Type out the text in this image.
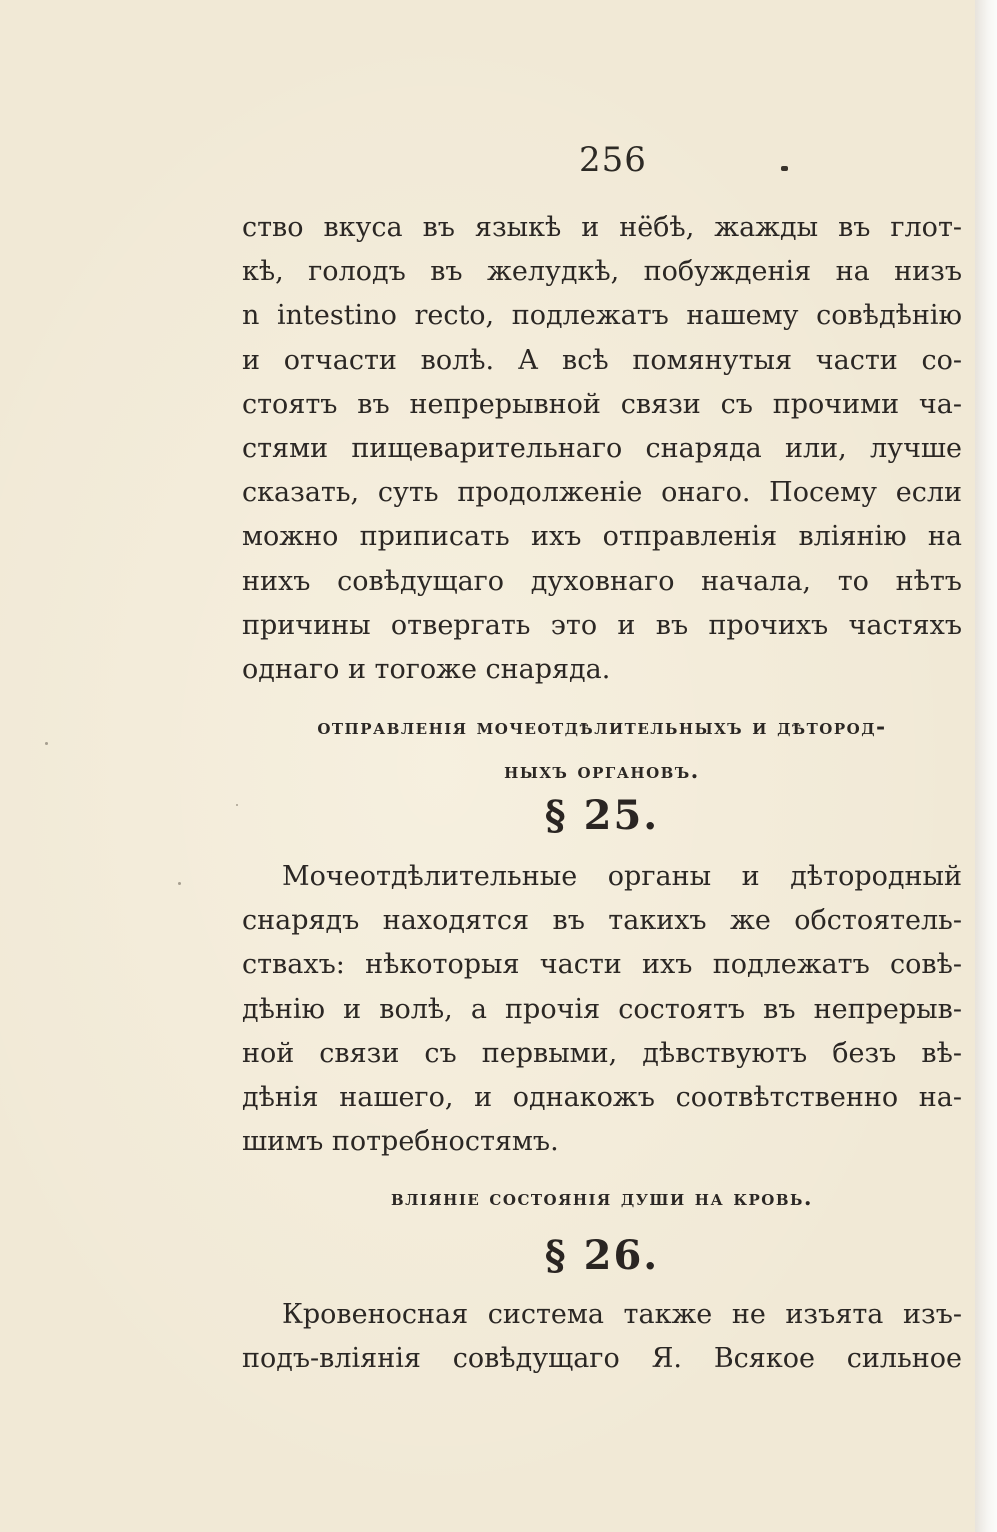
256
ство вкуса въ языкѣ и нёбѣ, жажды въ глот-
кѣ, голодъ въ желудкѣ, побужденія на низъ
n intestino recto, подлежатъ нашему совѣдѣнію
и отчасти волѣ. А всѣ помянутыя части со-
стоятъ въ непрерывной связи съ прочими ча-
стями пищеварительнаго снаряда или, лучше
сказать, суть продолженіе онаго. Посему если
можно приписать ихъ отправленія вліянію на
нихъ совѣдущаго духовнаго начала, то нѣтъ
причины отвергать это и въ прочихъ частяхъ
однаго и тогоже снаряда.
отправленія мочеотдѣлительныхъ и дѣтород-
ныхъ органовъ.
§ 25.
Мочеотдѣлительные органы и дѣтородный
снарядъ находятся въ такихъ же обстоятель-
ствахъ: нѣкоторыя части ихъ подлежатъ совѣ-
дѣнію и волѣ, а прочія состоятъ въ непрерыв-
ной связи съ первыми, дѣвствуютъ безъ вѣ-
дѣнія нашего, и однакожъ соотвѣтственно на-
шимъ потребностямъ.
вліяніе состоянія души на кровь.
§ 26.
Кровеносная система также не изъята изъ-
подъ-вліянія совѣдущаго Я. Всякое сильное
